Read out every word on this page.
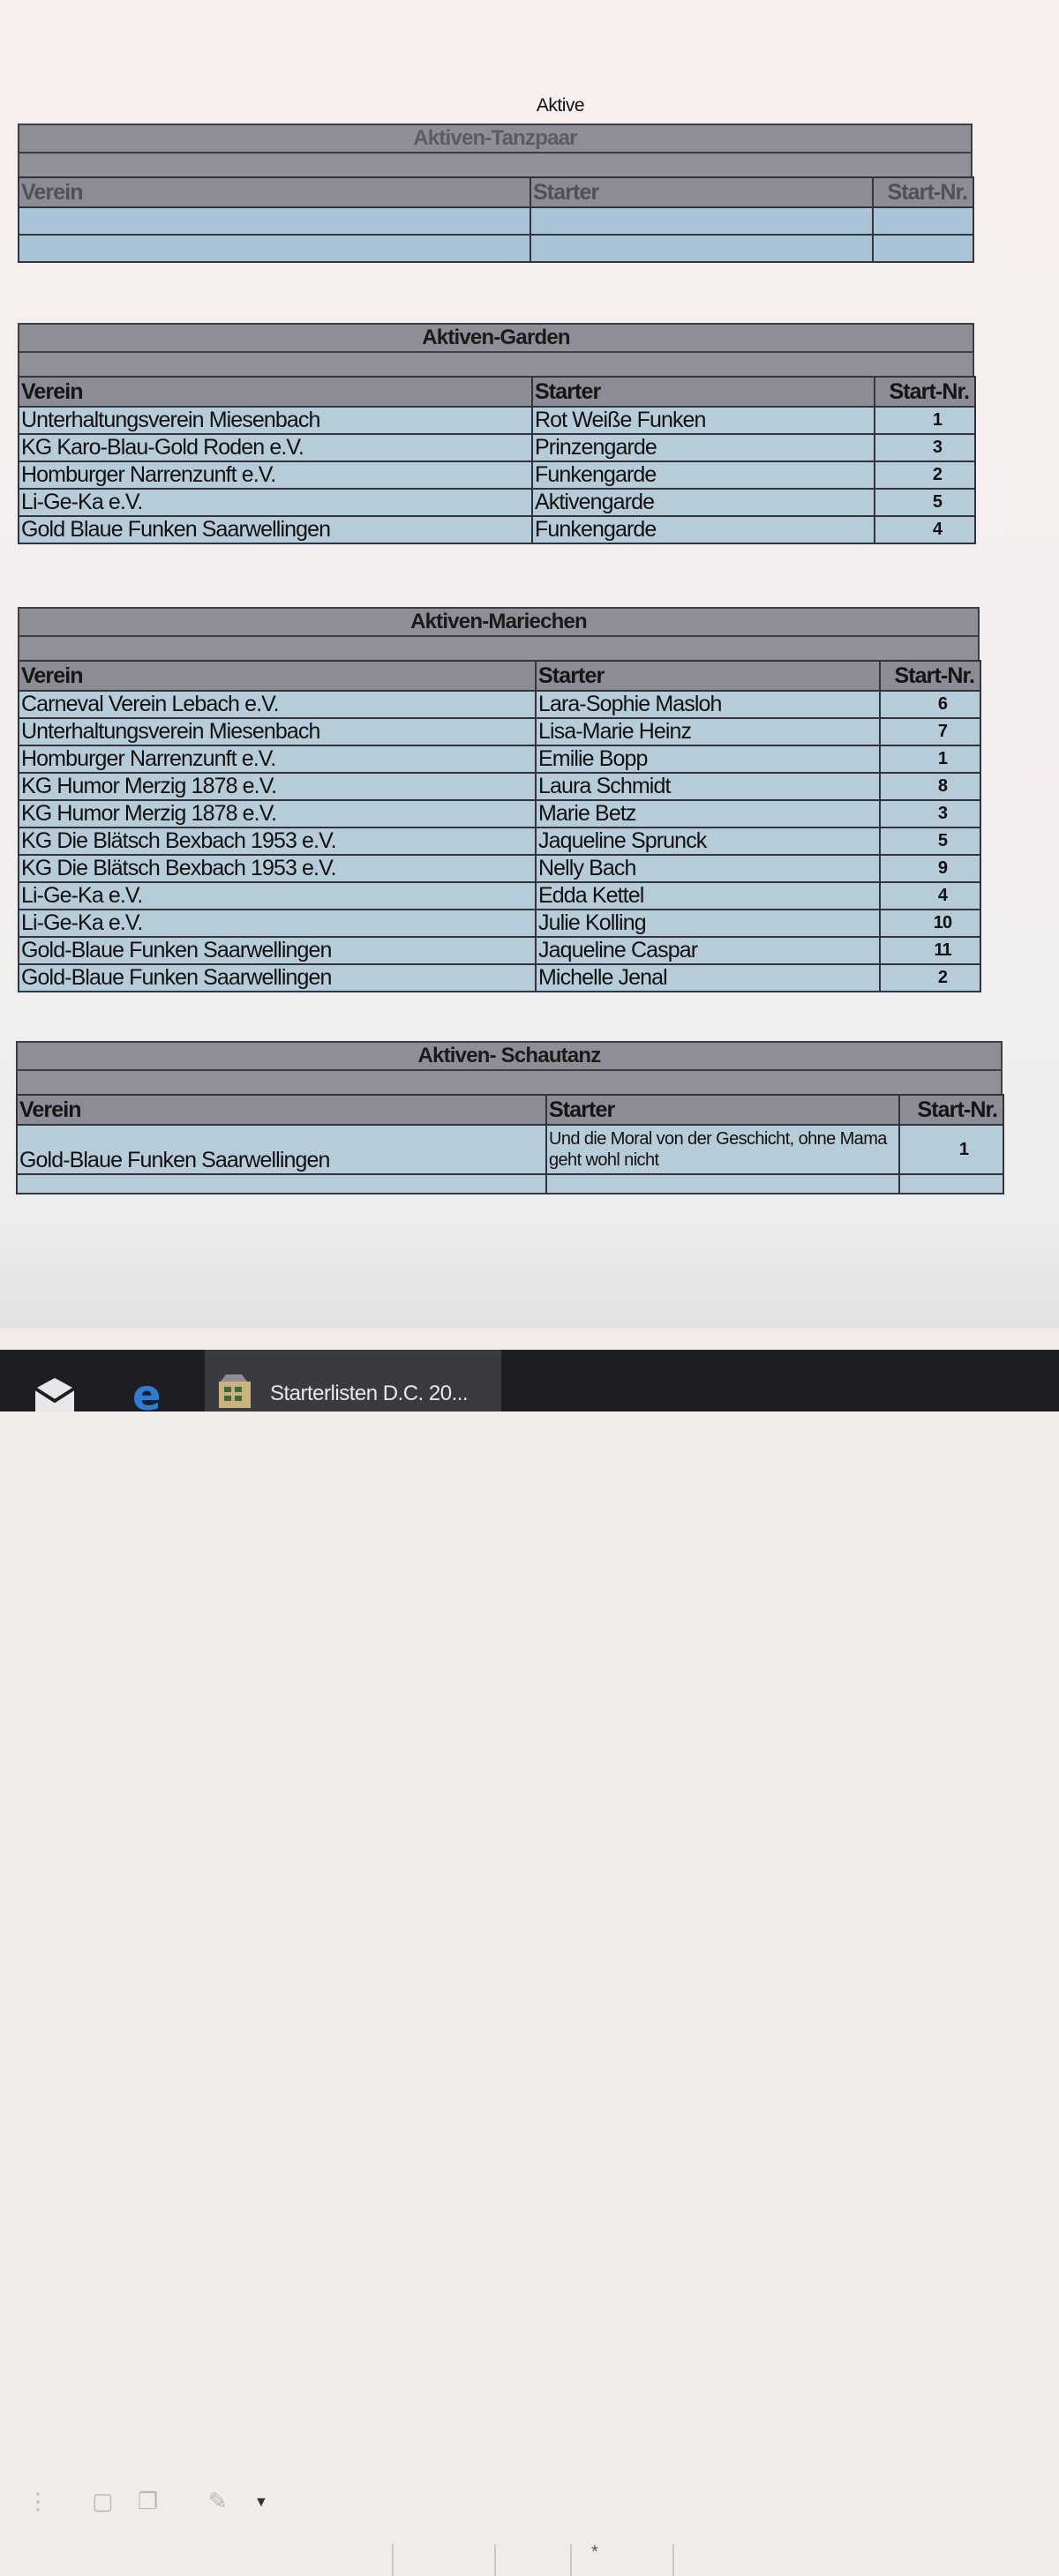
Aktive
Aktiven-Tanzpaar
Verein	Starter	Start-Nr.

Aktiven-Garden
Verein	Starter	Start-Nr.
Unterhaltungsverein Miesenbach	Rot Weiße Funken	1
KG Karo-Blau-Gold Roden e.V.	Prinzengarde	3
Homburger Narrenzunft e.V.	Funkengarde	2
Li-Ge-Ka e.V.	Aktivengarde	5
Gold Blaue Funken Saarwellingen	Funkengarde	4
Aktiven-Mariechen
Verein	Starter	Start-Nr.
Carneval Verein Lebach e.V.	Lara-Sophie Masloh	6
Unterhaltungsverein Miesenbach	Lisa-Marie Heinz	7
Homburger Narrenzunft e.V.	Emilie Bopp	1
KG Humor Merzig 1878 e.V.	Laura Schmidt	8
KG Humor Merzig 1878 e.V.	Marie Betz	3
KG Die Blätsch Bexbach 1953 e.V.	Jaqueline Sprunck	5
KG Die Blätsch Bexbach 1953 e.V.	Nelly Bach	9
Li-Ge-Ka e.V.	Edda Kettel	4
Li-Ge-Ka e.V.	Julie Kolling	10
Gold-Blaue Funken Saarwellingen	Jaqueline Caspar	11
Gold-Blaue Funken Saarwellingen	Michelle Jenal	2
Aktiven- Schautanz
Verein	Starter	Start-Nr.
Gold-Blaue Funken Saarwellingen	Und die Moral von der Geschicht, ohne Mama geht wohl nicht	1

⋮ ▢ ❐ ✎ ▼
*
e	Starterlisten D.C. 20...
